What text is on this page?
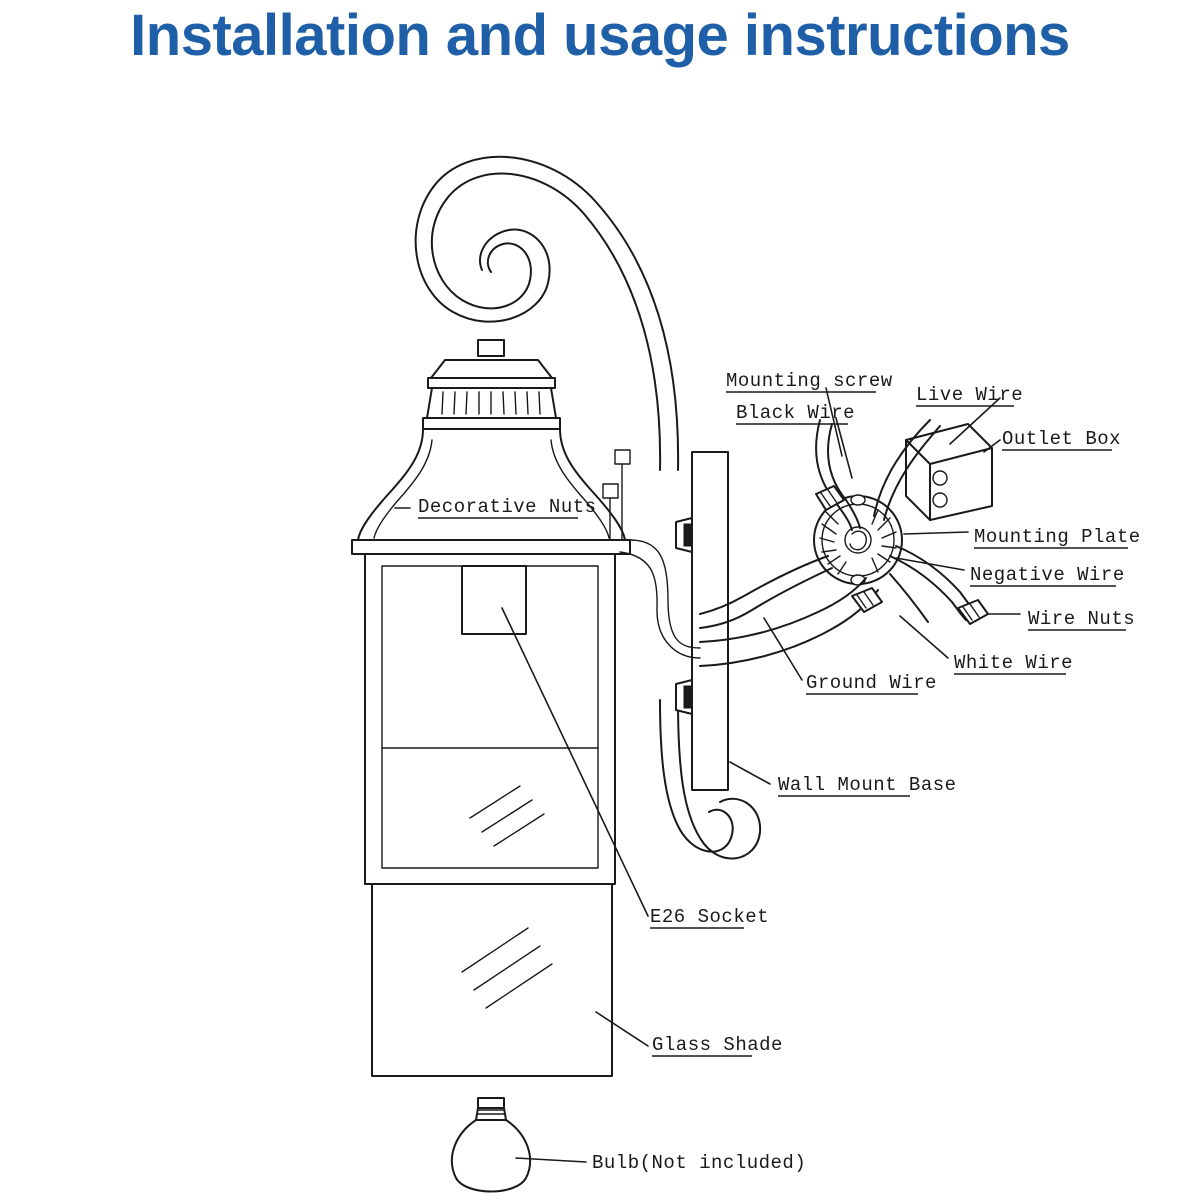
Installation and usage instructions
Mounting screw
Black Wire
Live Wire
Outlet Box
Mounting Plate
Negative Wire
Wire Nuts
White Wire
Ground Wire
Decorative Nuts
Wall Mount Base
E26 Socket
Glass Shade
Bulb(Not included)
